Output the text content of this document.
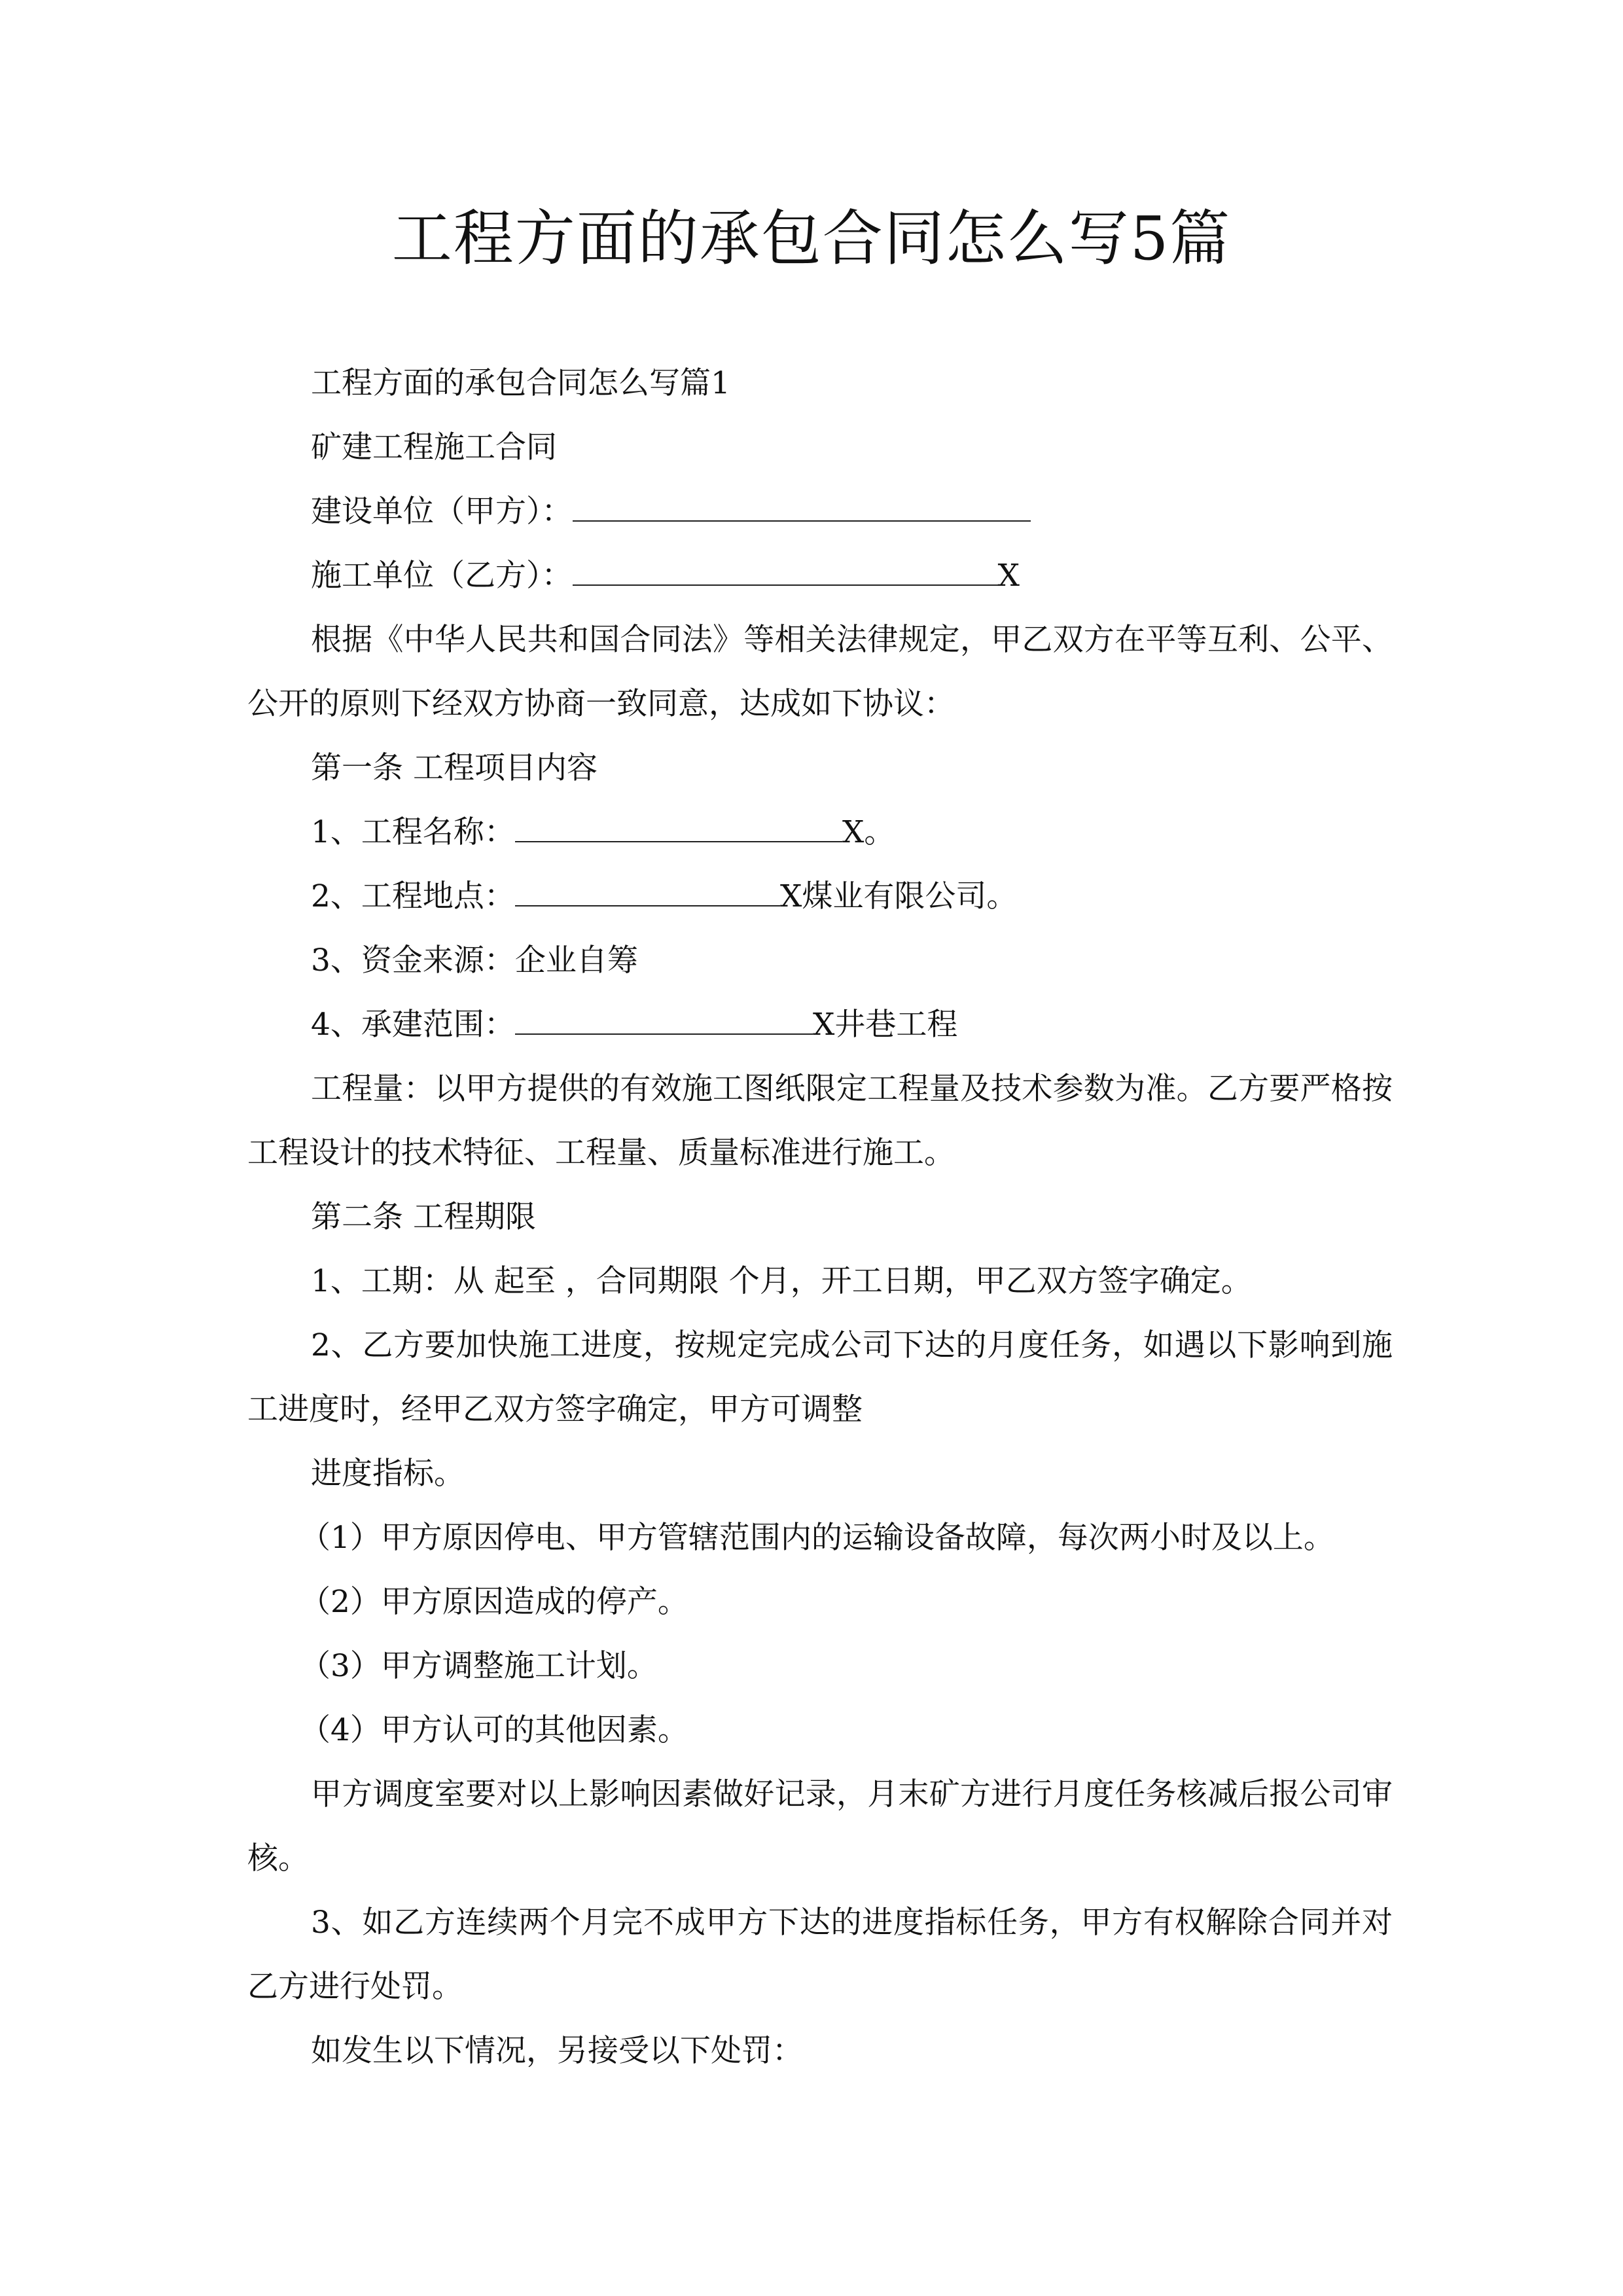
工程方面的承包合同怎么写5篇

工程方面的承包合同怎么写篇1

矿建工程施工合同

建设单位（甲方）：

施工单位（乙方）：	X

根据《中华人民共和国合同法》等相关法律规定，甲乙双方在平等互利、公平、公开的原则下经双方协商一致同意，达成如下协议：

第一条 工程项目内容

1、工程名称：	X。

2、工程地点：	X煤业有限公司。

3、资金来源：企业自筹

4、承建范围：	X井巷工程

工程量：以甲方提供的有效施工图纸限定工程量及技术参数为准。乙方要严格按工程设计的技术特征、工程量、质量标准进行施工。

第二条 工程期限

1、工期：从 起至 ，合同期限 个月，开工日期，甲乙双方签字确定。

2、乙方要加快施工进度，按规定完成公司下达的月度任务，如遇以下影响到施工进度时，经甲乙双方签字确定，甲方可调整

进度指标。

（1）甲方原因停电、甲方管辖范围内的运输设备故障，每次两小时及以上。

（2）甲方原因造成的停产。

（3）甲方调整施工计划。

（4）甲方认可的其他因素。

甲方调度室要对以上影响因素做好记录，月末矿方进行月度任务核减后报公司审核。

3、如乙方连续两个月完不成甲方下达的进度指标任务，甲方有权解除合同并对乙方进行处罚。

如发生以下情况，另接受以下处罚：
